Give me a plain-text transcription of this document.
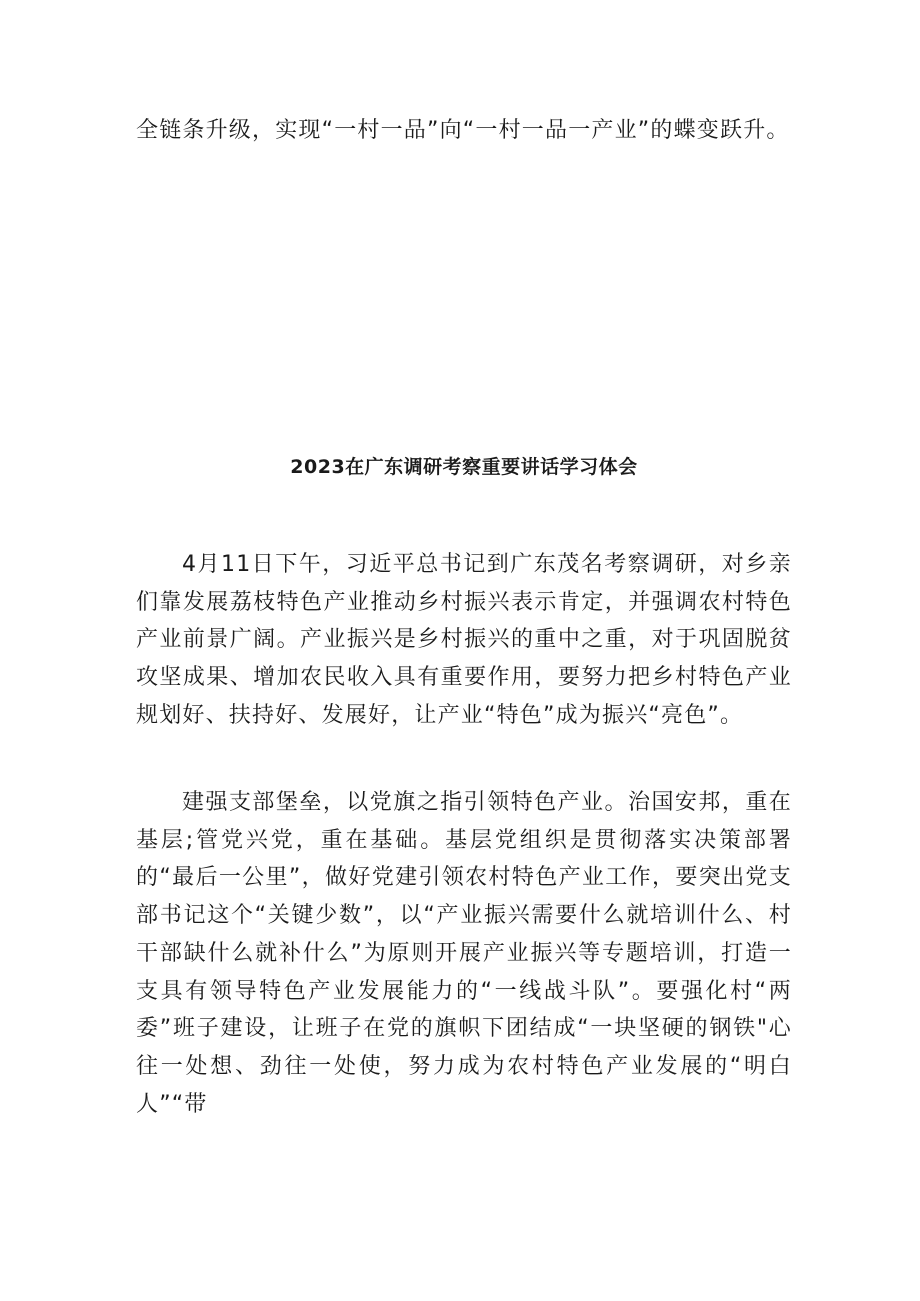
全链条升级，实现“一村一品”向“一村一品一产业”的蝶变跃升。

2023在广东调研考察重要讲话学习体会

4月11日下午，习近平总书记到广东茂名考察调研，对乡亲们靠发展荔枝特色产业推动乡村振兴表示肯定，并强调农村特色产业前景广阔。产业振兴是乡村振兴的重中之重，对于巩固脱贫攻坚成果、增加农民收入具有重要作用，要努力把乡村特色产业规划好、扶持好、发展好，让产业“特色”成为振兴“亮色”。

建强支部堡垒，以党旗之指引领特色产业。治国安邦，重在基层;管党兴党，重在基础。基层党组织是贯彻落实决策部署的“最后一公里”，做好党建引领农村特色产业工作，要突出党支部书记这个“关键少数”，以“产业振兴需要什么就培训什么、村干部缺什么就补什么”为原则开展产业振兴等专题培训，打造一支具有领导特色产业发展能力的“一线战斗队”。要强化村“两委”班子建设，让班子在党的旗帜下团结成“一块坚硬的钢铁"心往一处想、劲往一处使，努力成为农村特色产业发展的“明白人”“带
